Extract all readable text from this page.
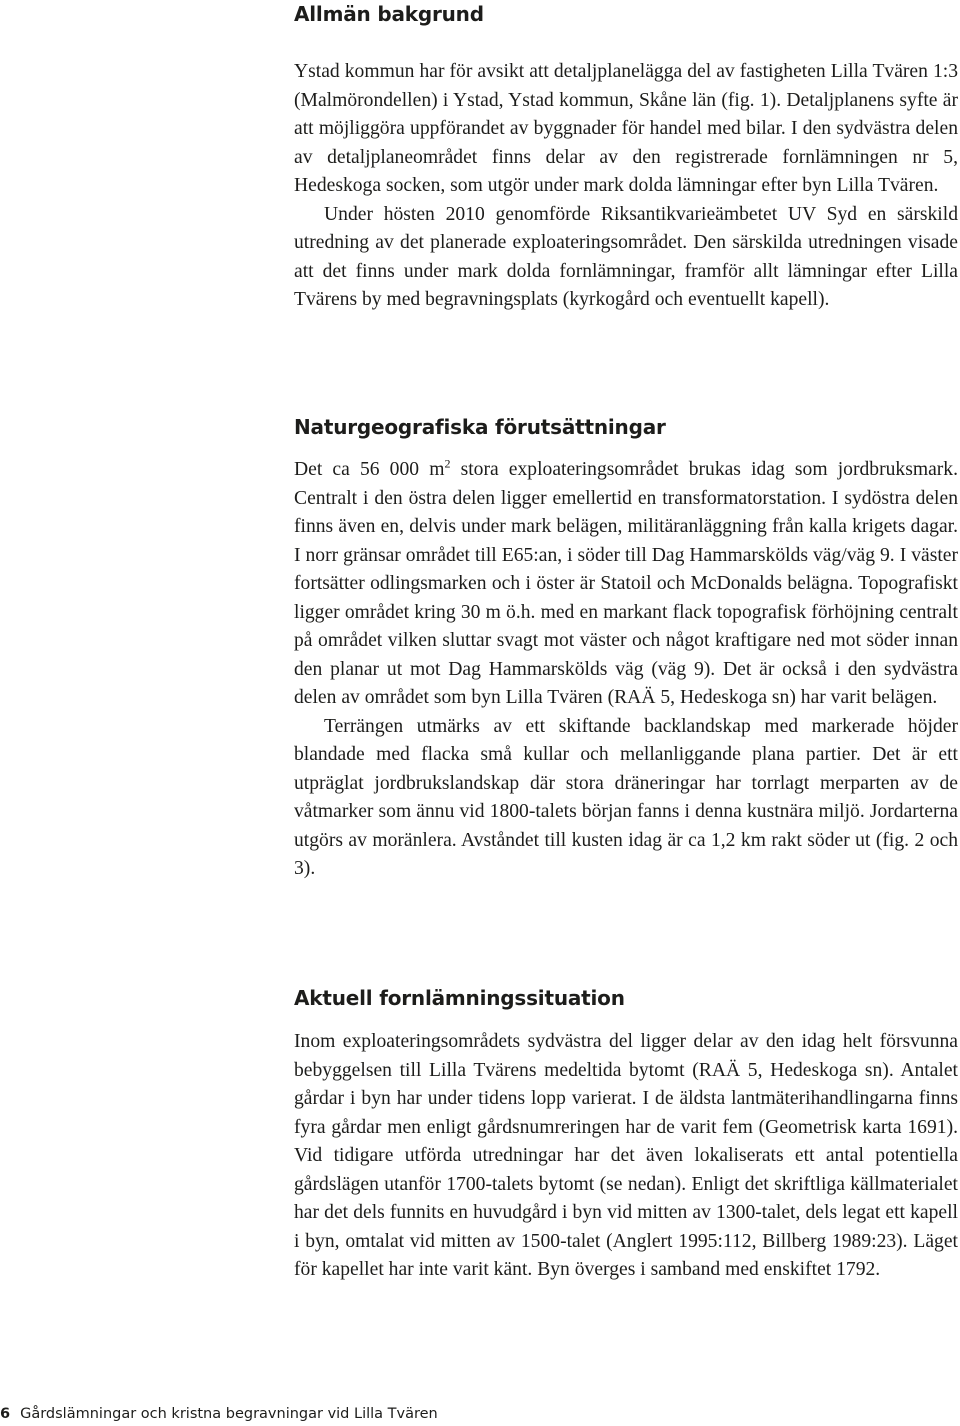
Allmän bakgrund

Ystad kommun har för avsikt att detaljplanelägga del av fastigheten Lilla Tvären 1:3 (Malmörondellen) i Ystad, Ystad kommun, Skåne län (fig. 1). Detaljplanens syfte är att möjliggöra uppförandet av byggnader för handel med bilar. I den sydvästra delen av detaljplaneområdet finns delar av den registrerade fornlämningen nr 5, Hedeskoga socken, som utgör under mark dolda lämningar efter byn Lilla Tvären.

Under hösten 2010 genomförde Riksantikvarieämbetet UV Syd en särskild utredning av det planerade exploateringsområdet. Den särskilda utredningen visade att det finns under mark dolda fornlämningar, framför allt lämningar efter Lilla Tvärens by med begravningsplats (kyrkogård och eventuellt kapell).

Naturgeografiska förutsättningar

Det ca 56 000 $m^2$ stora exploateringsområdet brukas idag som jordbruksmark. Centralt i den östra delen ligger emellertid en transformatorstation. I sydöstra delen finns även en, delvis under mark belägen, militäranläggning från kalla krigets dagar. I norr gränsar området till E65:an, i söder till Dag Hammarskölds väg/väg 9. I väster fortsätter odlingsmarken och i öster är Statoil och McDonalds belägna. Topografiskt ligger området kring 30 m ö.h. med en markant flack topografisk förhöjning centralt på området vilken sluttar svagt mot väster och något kraftigare ned mot söder innan den planar ut mot Dag Hammarskölds väg (väg 9). Det är också i den sydvästra delen av området som byn Lilla Tvären (RAÄ 5, Hedeskoga sn) har varit belägen.

Terrängen utmärks av ett skiftande backlandskap med markerade höjder blandade med flacka små kullar och mellanliggande plana partier. Det är ett utpräglat jordbrukslandskap där stora dräneringar har torrlagt merparten av de våtmarker som ännu vid 1800-talets början fanns i denna kustnära miljö. Jordarterna utgörs av moränlera. Avståndet till kusten idag är ca 1,2 km rakt söder ut (fig. 2 och 3).

Aktuell fornlämningssituation

Inom exploateringsområdets sydvästra del ligger delar av den idag helt försvunna bebyggelsen till Lilla Tvärens medeltida bytomt (RAÄ 5, Hedeskoga sn). Antalet gårdar i byn har under tidens lopp varierat. I de äldsta lantmäterihandlingarna finns fyra gårdar men enligt gårdsnumreringen har de varit fem (Geometrisk karta 1691). Vid tidigare utförda utredningar har det även lokaliserats ett antal potentiella gårdslägen utanför 1700-talets bytomt (se nedan). Enligt det skriftliga källmaterialet har det dels funnits en huvudgård i byn vid mitten av 1300-talet, dels legat ett kapell i byn, omtalat vid mitten av 1500-talet (Anglert 1995:112, Billberg 1989:23). Läget för kapellet har inte varit känt. Byn överges i samband med enskiftet 1792.

6 Gårdslämningar och kristna begravningar vid Lilla Tvären
